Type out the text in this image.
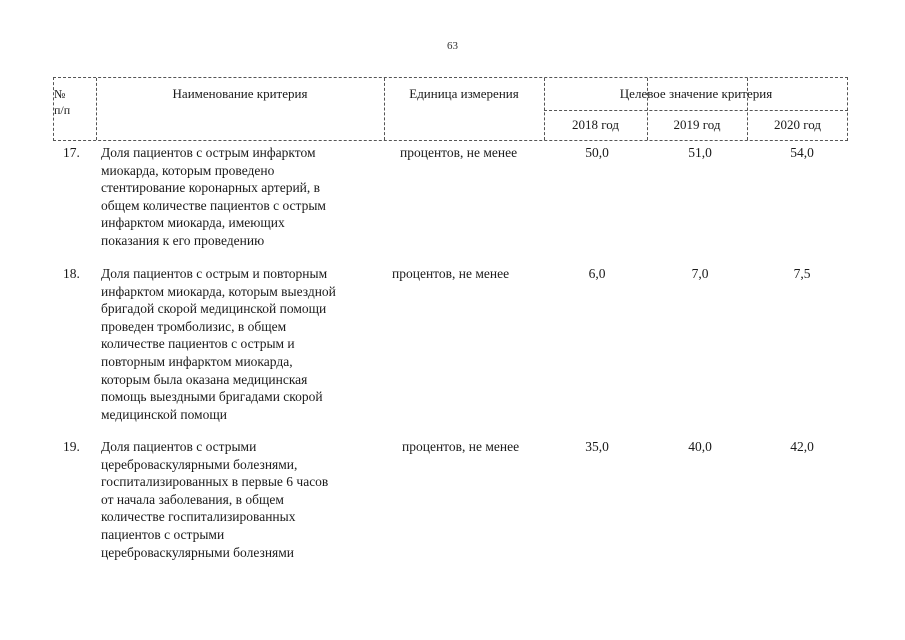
63
№
п/п
Наименование критерия	Единица измерения	Целевое значение критерия
2018 год	2019 год	2020 год
17. Доля пациентов с острым инфарктом
миокарда, которым проведено
стентирование коронарных артерий, в
общем количестве пациентов с острым
инфарктом миокарда, имеющих
показания к его проведению
процентов, не менее	50,0	51,0	54,0
18. Доля пациентов с острым и повторным
инфарктом миокарда, которым выездной
бригадой скорой медицинской помощи
проведен тромболизис, в общем
количестве пациентов с острым и
повторным инфарктом миокарда,
которым была оказана медицинская
помощь выездными бригадами скорой
медицинской помощи
процентов, не менее	6,0	7,0	7,5
19. Доля пациентов с острыми
цереброваскулярными болезнями,
госпитализированных в первые 6 часов
от начала заболевания, в общем
количестве госпитализированных
пациентов с острыми
цереброваскулярными болезнями
процентов, не менее	35,0	40,0	42,0
